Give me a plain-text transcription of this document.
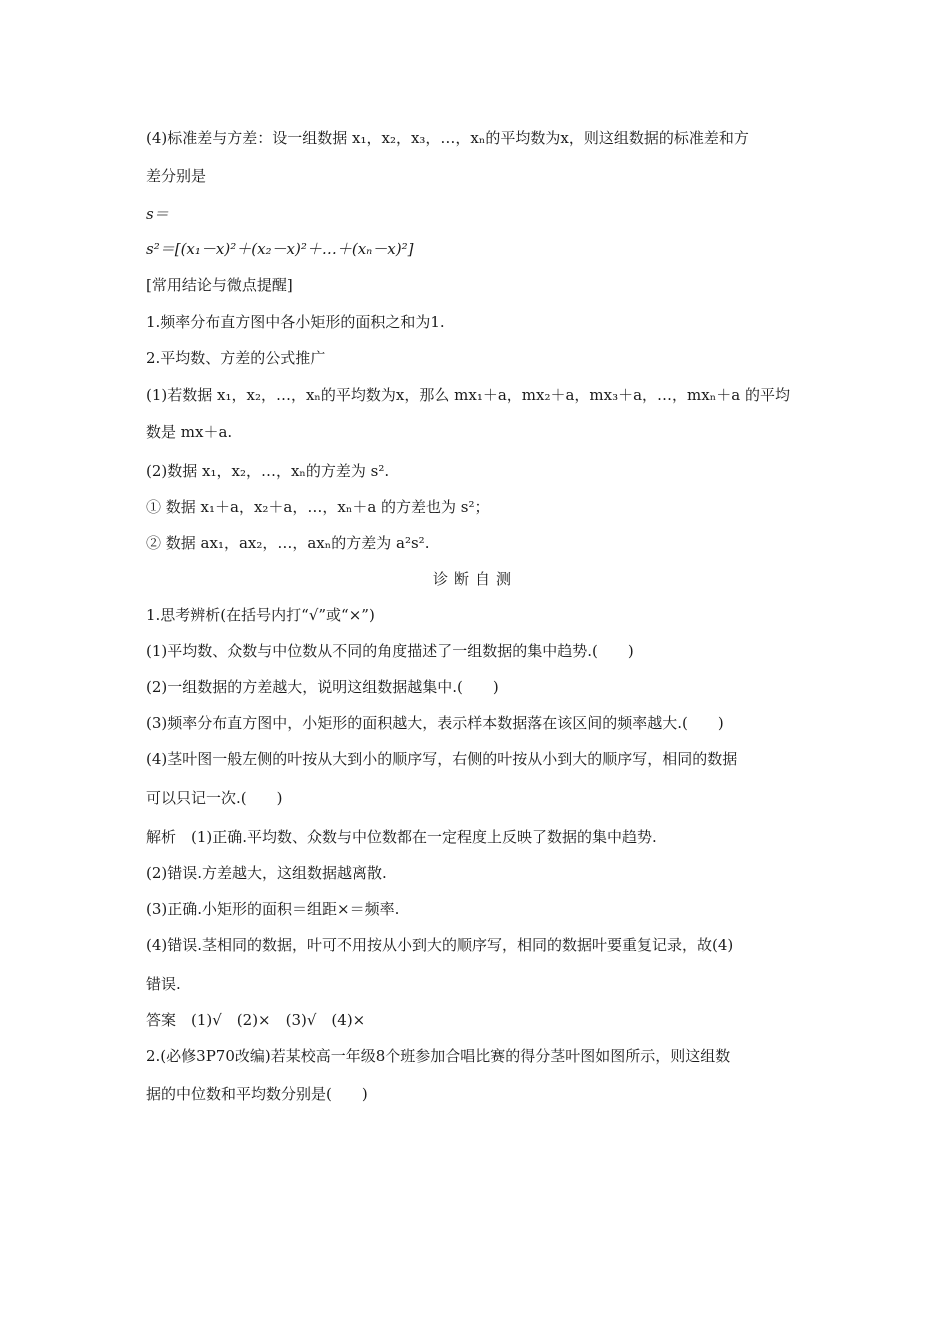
(4)标准差与方差：设一组数据 x₁，x₂，x₃，…，xₙ的平均数为x，则这组数据的标准差和方
差分别是
s＝
s²＝[(x₁－x)²＋(x₂－x)²＋…＋(xₙ－x)²]
[常用结论与微点提醒]
1.频率分布直方图中各小矩形的面积之和为1.
2.平均数、方差的公式推广
(1)若数据 x₁，x₂，…，xₙ的平均数为x，那么 mx₁＋a，mx₂＋a，mx₃＋a，…，mxₙ＋a 的平均
数是 mx＋a.
(2)数据 x₁，x₂，…，xₙ的方差为 s².
① 数据 x₁＋a，x₂＋a，…，xₙ＋a 的方差也为 s²；
② 数据 ax₁，ax₂，…，axₙ的方差为 a²s².
诊断自测
1.思考辨析(在括号内打“√”或“×”)
(1)平均数、众数与中位数从不同的角度描述了一组数据的集中趋势.(　　)
(2)一组数据的方差越大，说明这组数据越集中.(　　)
(3)频率分布直方图中，小矩形的面积越大，表示样本数据落在该区间的频率越大.(　　)
(4)茎叶图一般左侧的叶按从大到小的顺序写，右侧的叶按从小到大的顺序写，相同的数据
可以只记一次.(　　)
解析　(1)正确.平均数、众数与中位数都在一定程度上反映了数据的集中趋势.
(2)错误.方差越大，这组数据越离散.
(3)正确.小矩形的面积＝组距×＝频率.
(4)错误.茎相同的数据，叶可不用按从小到大的顺序写，相同的数据叶要重复记录，故(4)
错误.
答案　(1)√　(2)×　(3)√　(4)×
2.(必修3P70改编)若某校高一年级8个班参加合唱比赛的得分茎叶图如图所示，则这组数
据的中位数和平均数分别是(　　)
